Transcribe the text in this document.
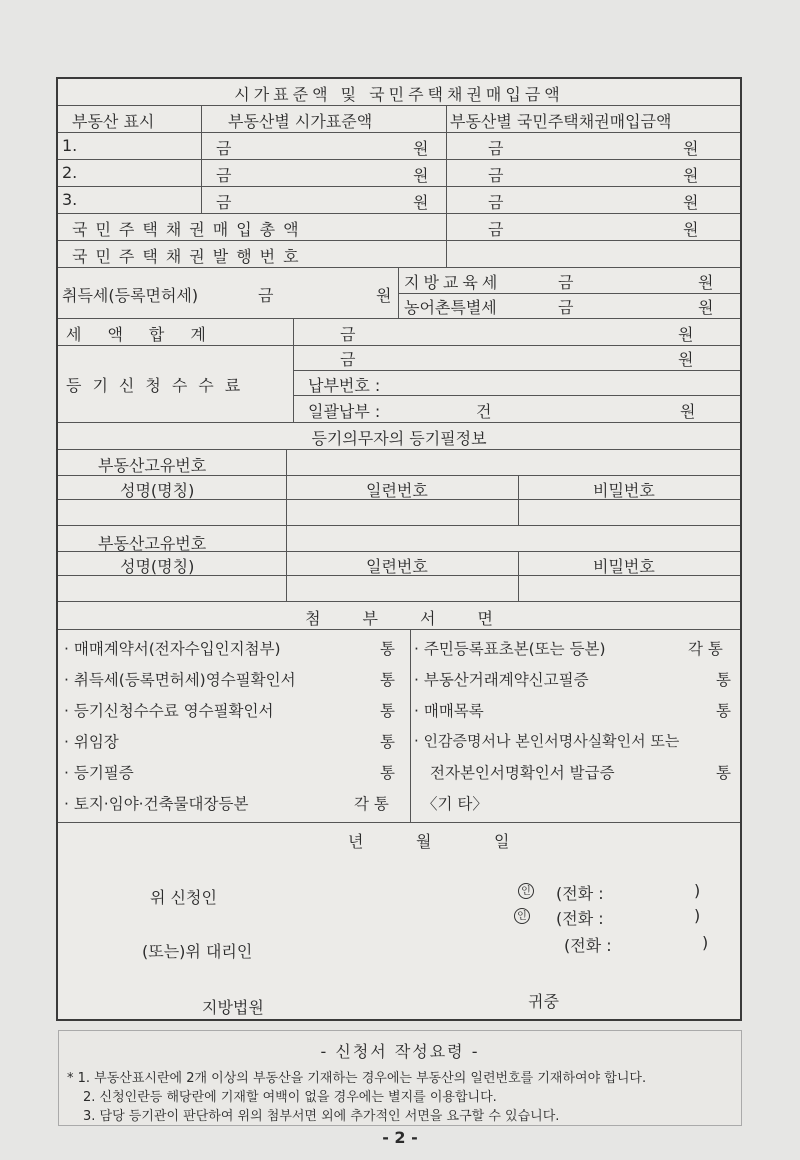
시가표준액 및 국민주택채권매입금액
부동산 표시	부동산별 시가표준액	부동산별 국민주택채권매입금액
1.	금	원	금	원
2.	금	원	금	원
3.	금	원	금	원
국민주택채권매입총액	금	원
국민주택채권발행번호
취득세(등록면허세)	금	원
지방교육세	금	원
농어촌특별세	금	원
세액합계	금	원
등기신청수수료
금	원
납부번호 :
일괄납부 :	건	원
등기의무자의 등기필정보
부동산고유번호
성명(명칭)	일련번호	비밀번호
부동산고유번호
성명(명칭)	일련번호	비밀번호
첨부서면
· 매매계약서(전자수입인지첨부)	통
· 취득세(등록면허세)영수필확인서	통
· 등기신청수수료 영수필확인서	통
· 위임장	통
· 등기필증	통
· 토지·임야·건축물대장등본	각 통
· 주민등록표초본(또는 등본)	각 통
· 부동산거래계약신고필증	통
· 매매목록	통
· 인감증명서나 본인서명사실확인서 또는
전자본인서명확인서 발급증	통
〈기 타〉
년	월	일
위 신청인	인 (전화 :	)
인 (전화 :	)
(또는)위 대리인	(전화 :	)
지방법원	귀중
- 신청서 작성요령 -
* 1. 부동산표시란에 2개 이상의 부동산을 기재하는 경우에는 부동산의 일련번호를 기재하여야 합니다.
2. 신청인란등 해당란에 기재할 여백이 없을 경우에는 별지를 이용합니다.
3. 담당 등기관이 판단하여 위의 첨부서면 외에 추가적인 서면을 요구할 수 있습니다.
- 2 -
